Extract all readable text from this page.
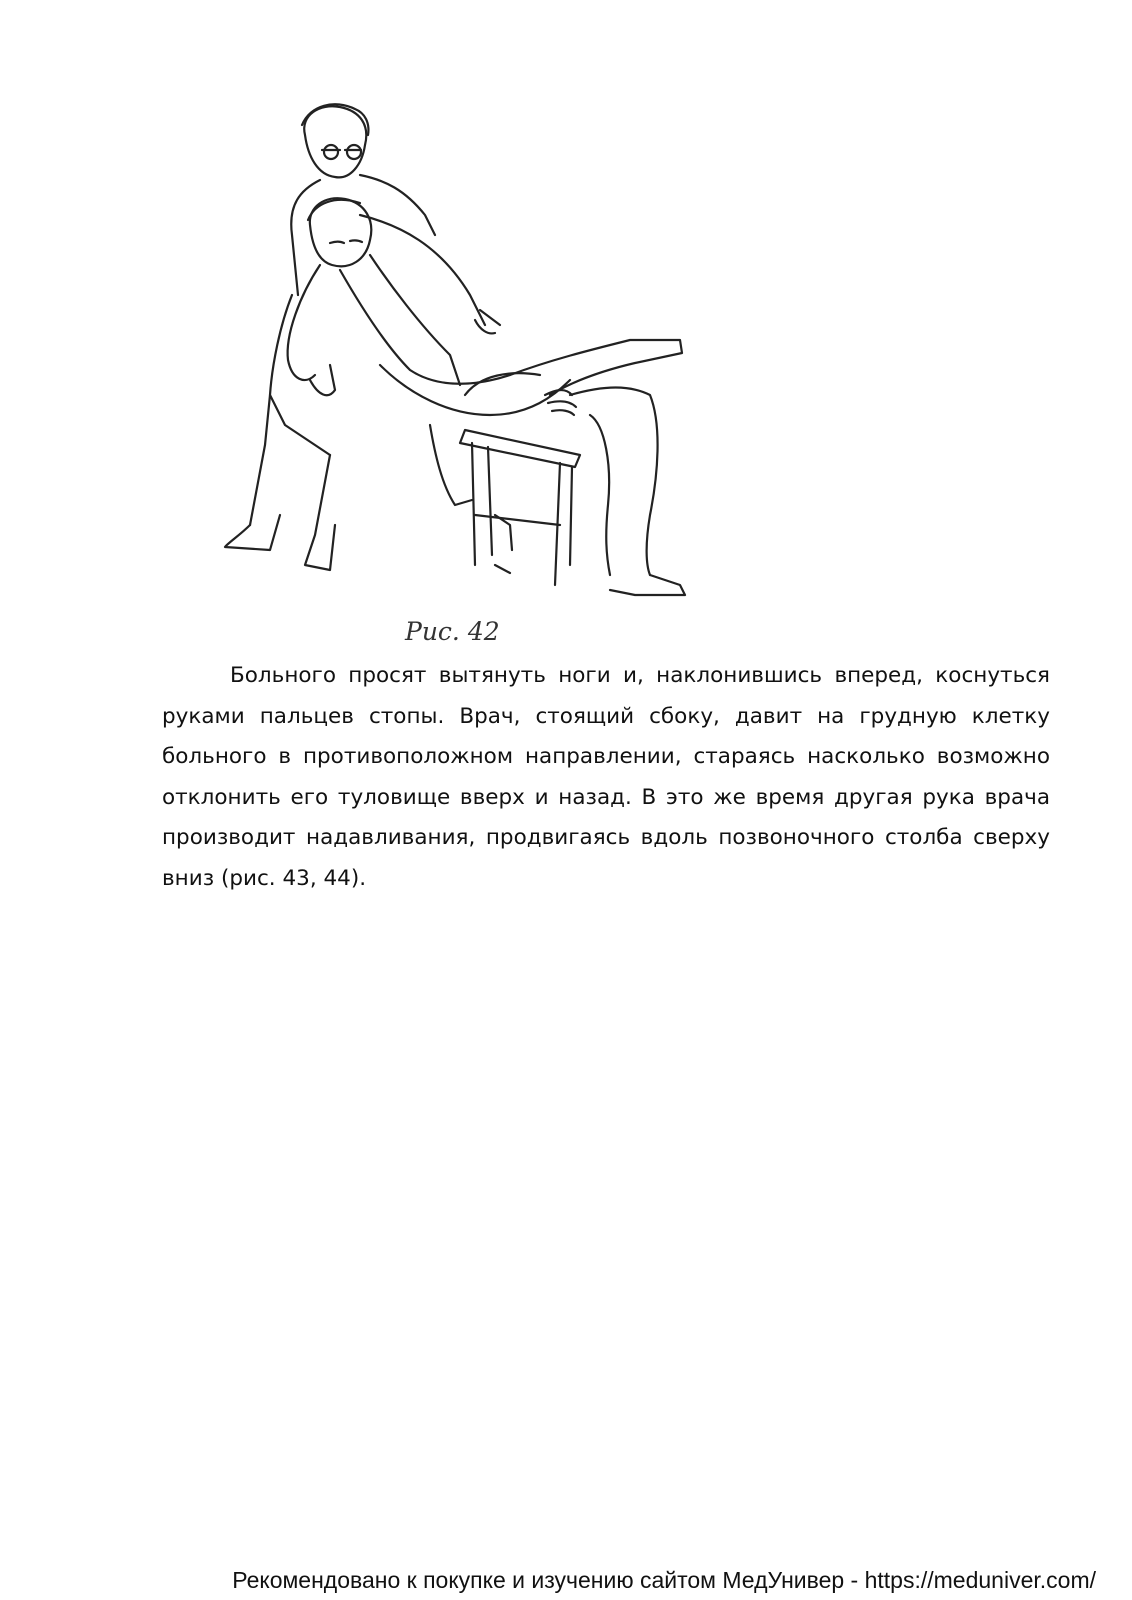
Рис. 42

Больного просят вытянуть ноги и, наклонившись вперед, коснуться руками пальцев стопы. Врач, стоящий сбоку, давит на грудную клетку больного в противоположном направлении, стараясь насколько возможно отклонить его туловище вверх и назад. В это же время другая рука врача производит надавливания, продвигаясь вдоль позвоночного столба сверху вниз (рис. 43, 44).

Рекомендовано к покупке и изучению сайтом МедУнивер - https://meduniver.com/
